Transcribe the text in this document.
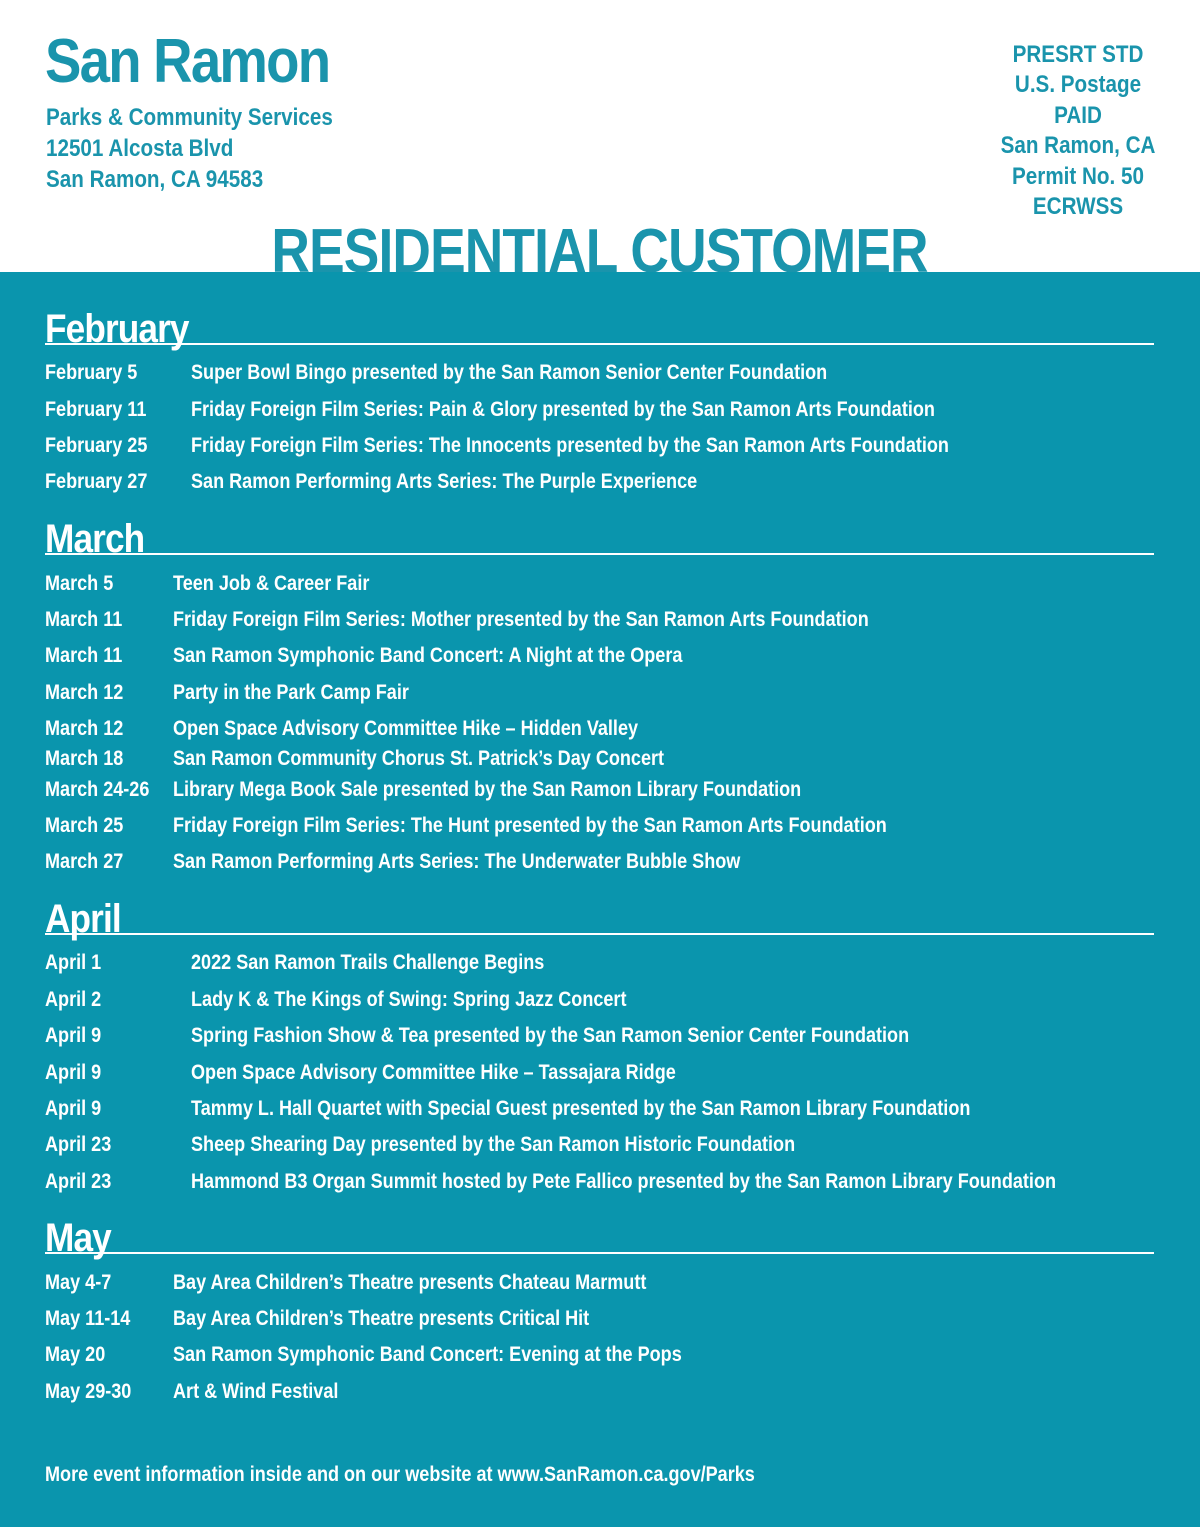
San Ramon
Parks & Community Services
12501 Alcosta Blvd
San Ramon, CA 94583
PRESRT STD
U.S. Postage
PAID
San Ramon, CA
Permit No. 50
ECRWSS
RESIDENTIAL CUSTOMER
February
February 5	Super Bowl Bingo presented by the San Ramon Senior Center Foundation
February 11 Friday Foreign Film Series: Pain & Glory presented by the San Ramon Arts Foundation
February 25 Friday Foreign Film Series: The Innocents presented by the San Ramon Arts Foundation
February 27 San Ramon Performing Arts Series: The Purple Experience
March
March 5	Teen Job & Career Fair
March 11 Friday Foreign Film Series: Mother presented by the San Ramon Arts Foundation
March 11 San Ramon Symphonic Band Concert: A Night at the Opera
March 12 Party in the Park Camp Fair
March 12 Open Space Advisory Committee Hike – Hidden Valley
March 18 San Ramon Community Chorus St. Patrick’s Day Concert
March 24-26 Library Mega Book Sale presented by the San Ramon Library Foundation
March 25 Friday Foreign Film Series: The Hunt presented by the San Ramon Arts Foundation
March 27 San Ramon Performing Arts Series: The Underwater Bubble Show
April
April 1	2022 San Ramon Trails Challenge Begins
April 2	Lady K & The Kings of Swing: Spring Jazz Concert
April 9	Spring Fashion Show & Tea presented by the San Ramon Senior Center Foundation
April 9	Open Space Advisory Committee Hike – Tassajara Ridge
April 9	Tammy L. Hall Quartet with Special Guest presented by the San Ramon Library Foundation
April 23	Sheep Shearing Day presented by the San Ramon Historic Foundation
April 23	Hammond B3 Organ Summit hosted by Pete Fallico presented by the San Ramon Library Foundation
May
May 4-7	Bay Area Children’s Theatre presents Chateau Marmutt
May 11-14 Bay Area Children’s Theatre presents Critical Hit
May 20	San Ramon Symphonic Band Concert: Evening at the Pops
May 29-30 Art & Wind Festival
More event information inside and on our website at www.SanRamon.ca.gov/Parks
